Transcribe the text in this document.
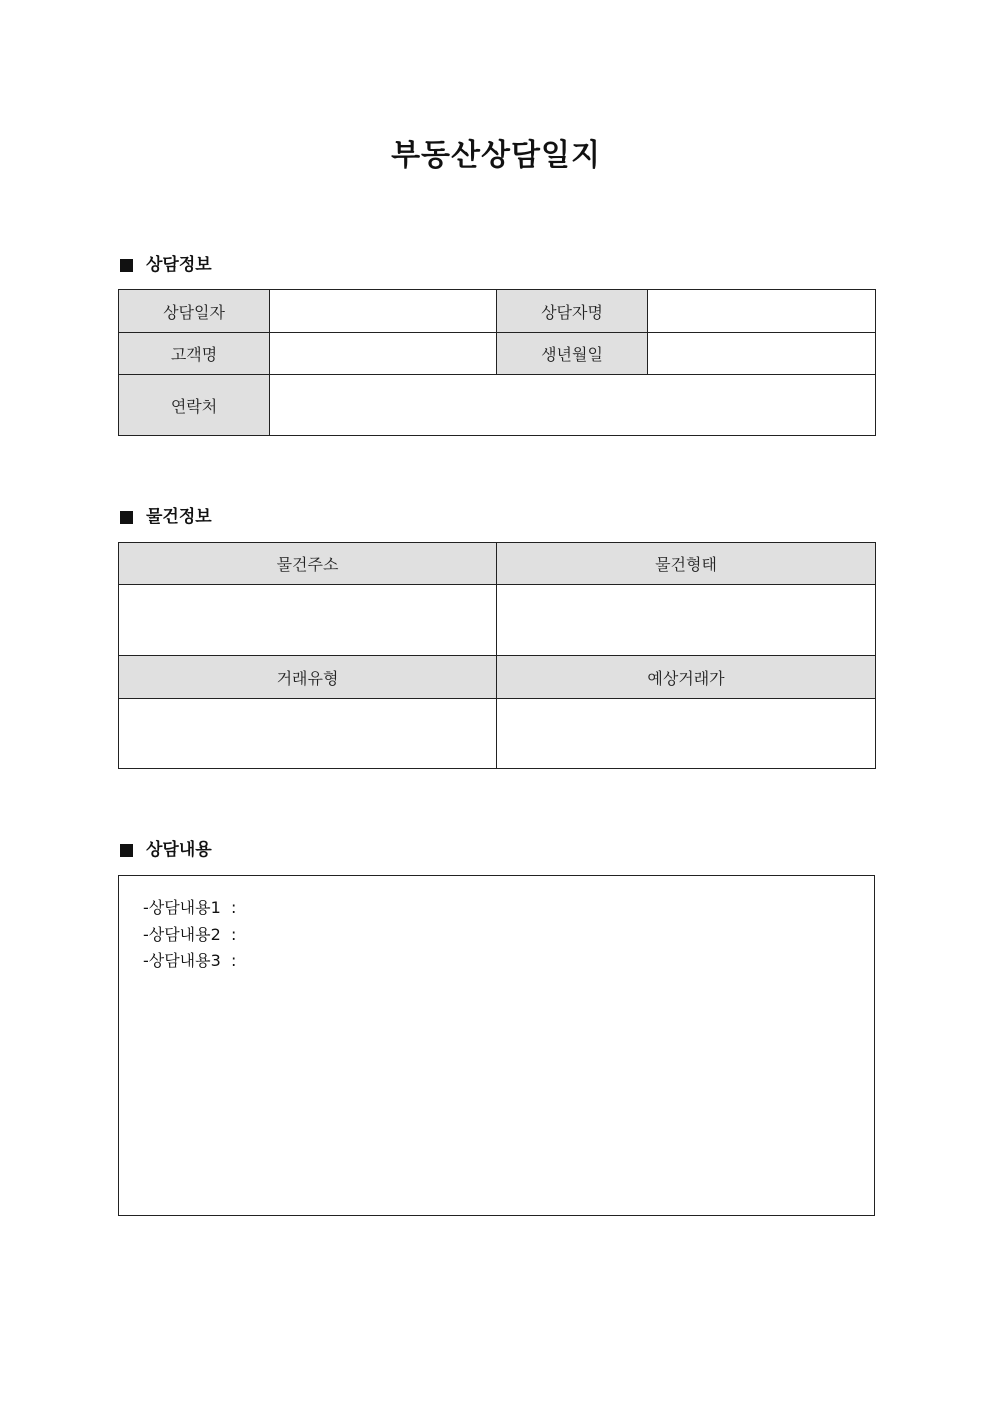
부동산상담일지
상담정보
상담일자		상담자명	
고객명		생년월일	
연락처			
물건정보
물건주소	물건형태

거래유형	예상거래가

상담내용
-상담내용1  :
-상담내용2  :
-상담내용3  :
